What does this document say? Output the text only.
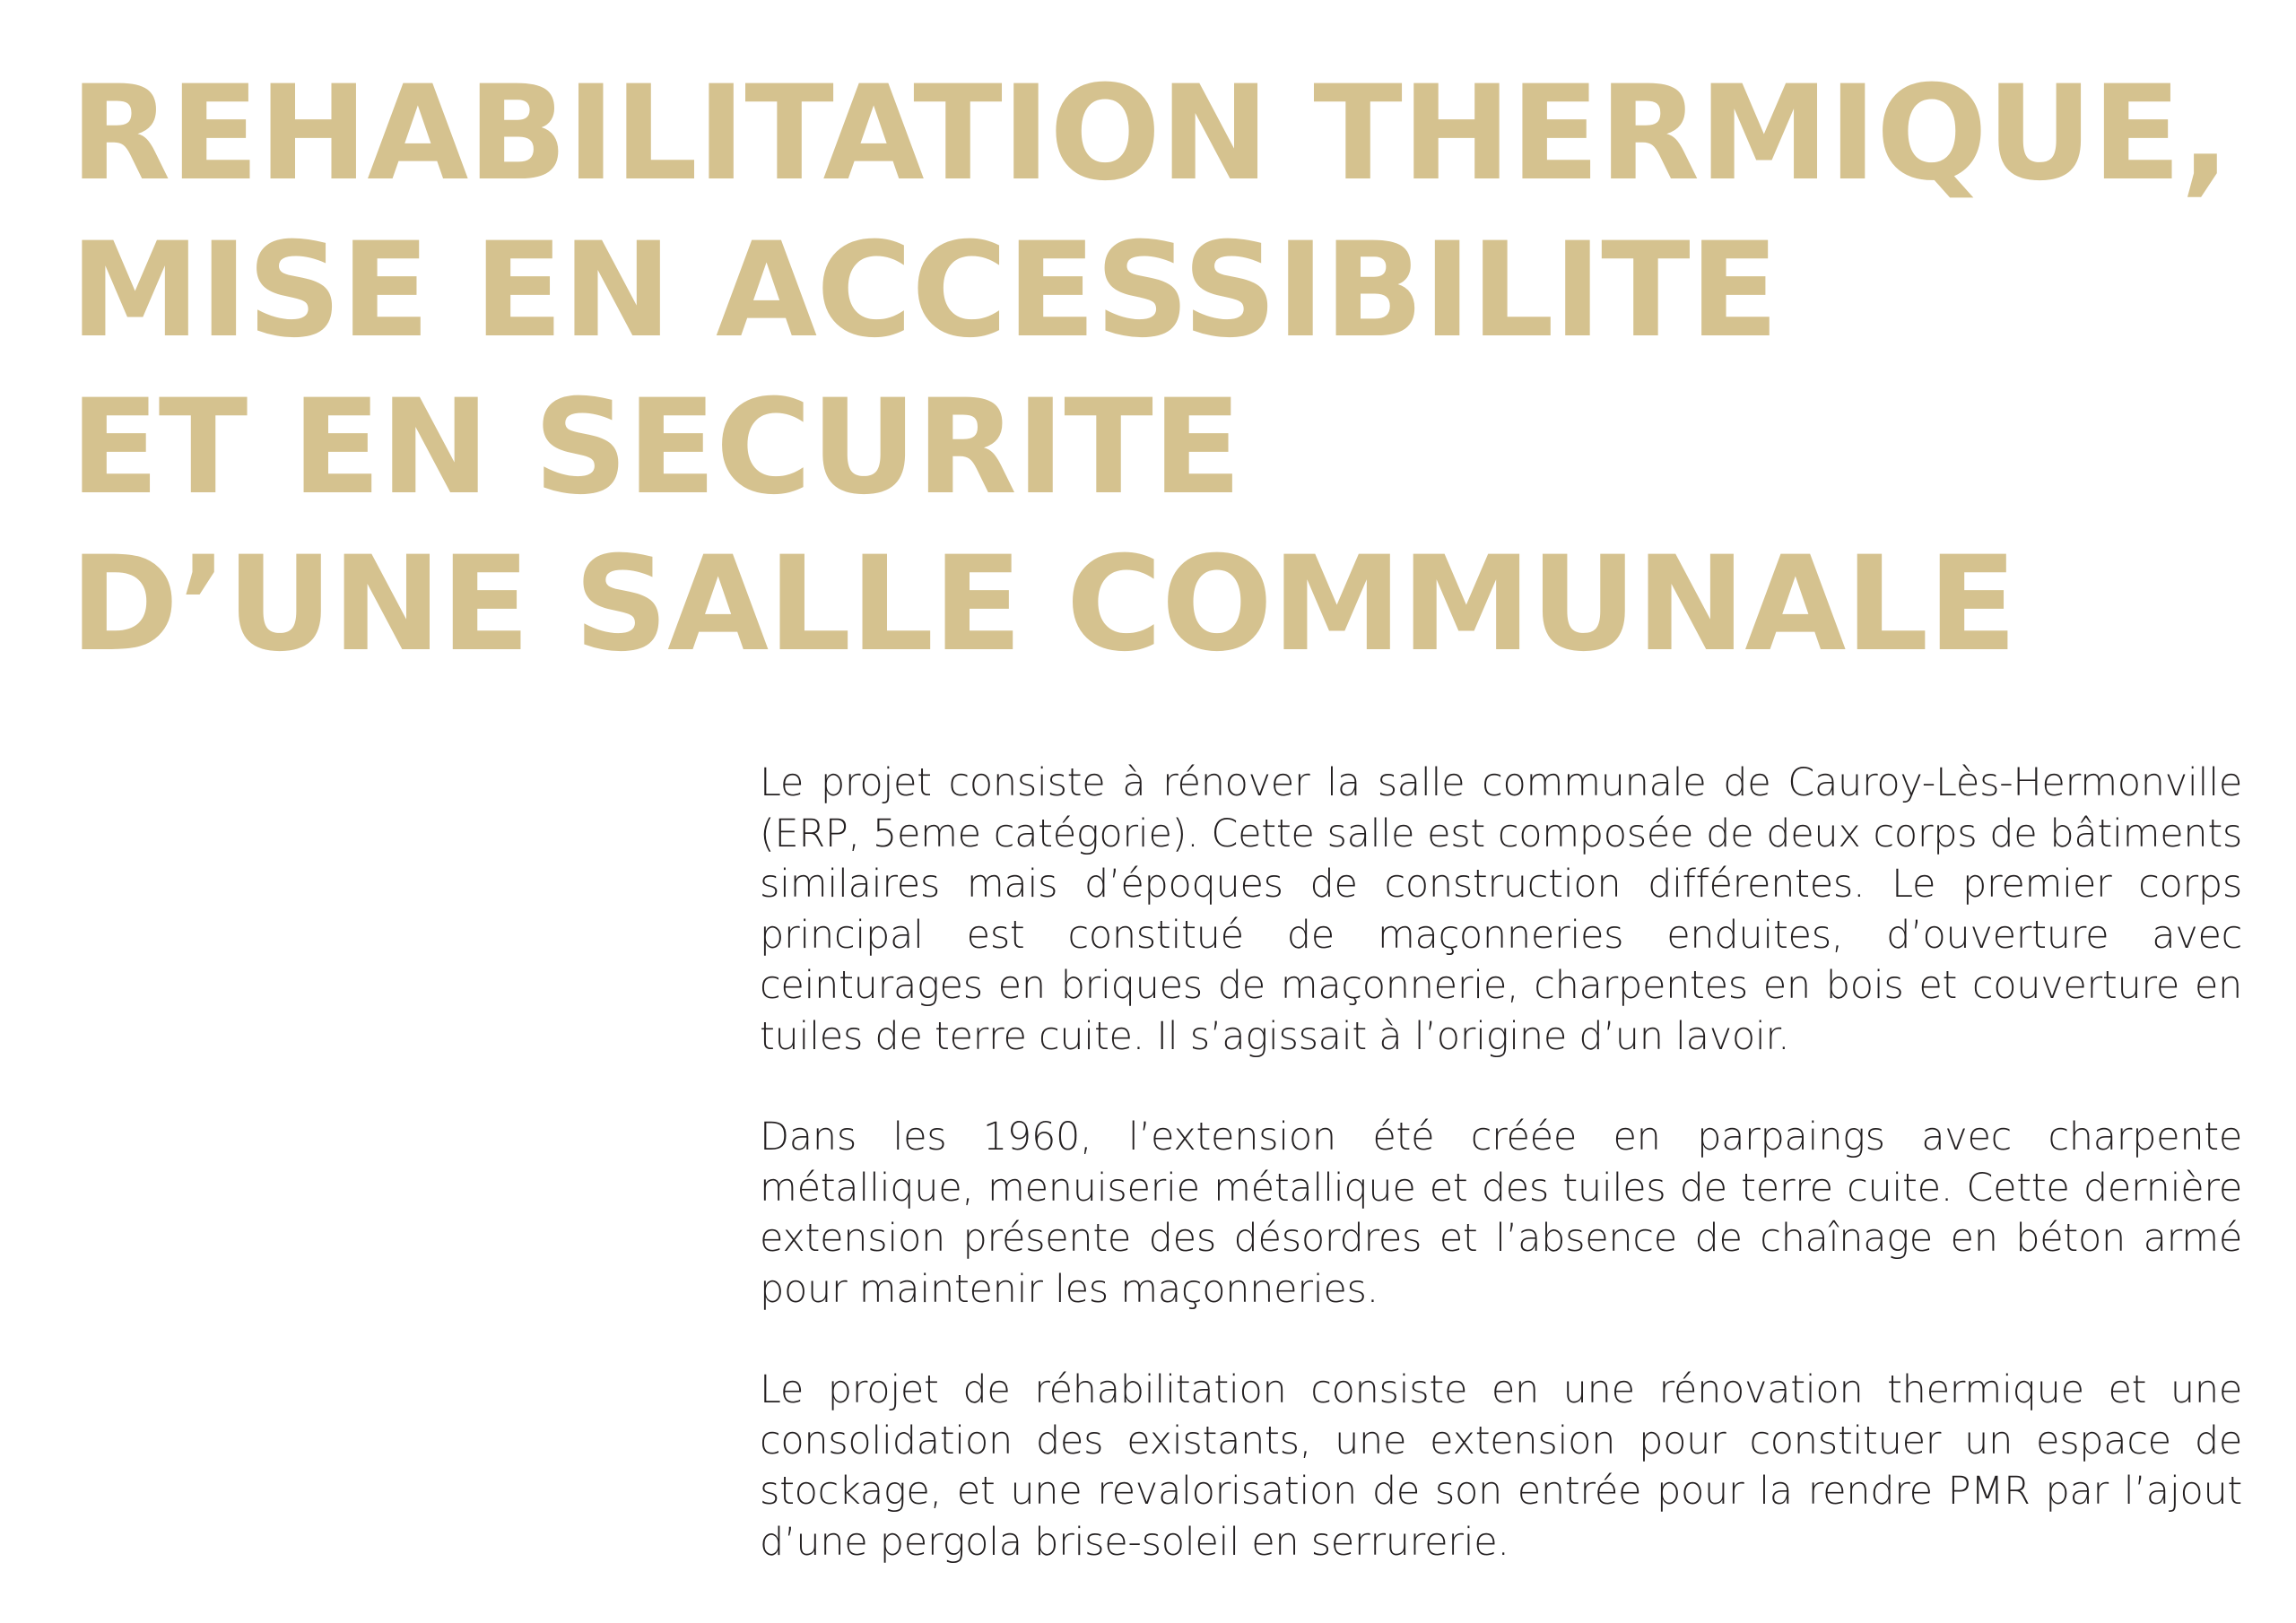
REHABILITATION THERMIQUE,
MISE EN ACCESSIBILITE
ET EN SECURITE
D’UNE SALLE COMMUNALE

Le projet consiste à rénover la salle communale de Cauroy-Lès-Hermonville (ERP, 5eme catégorie). Cette salle est composée de deux corps de bâtiments similaires mais d’époques de construction différentes. Le premier corps principal est constitué de maçonneries enduites, d’ouverture avec ceinturages en briques de maçonnerie, charpentes en bois et couverture en tuiles de terre cuite. Il s’agissait à l’origine d’un lavoir.

Dans les 1960, l’extension été créée en parpaings avec charpente métallique, menuiserie métallique et des tuiles de terre cuite. Cette dernière extension présente des désordres et l’absence de chaînage en béton armé pour maintenir les maçonneries.

Le projet de réhabilitation consiste en une rénovation thermique et une consolidation des existants, une extension pour constituer un espace de stockage, et une revalorisation de son entrée pour la rendre PMR par l’ajout d’une pergola brise-soleil en serrurerie.
